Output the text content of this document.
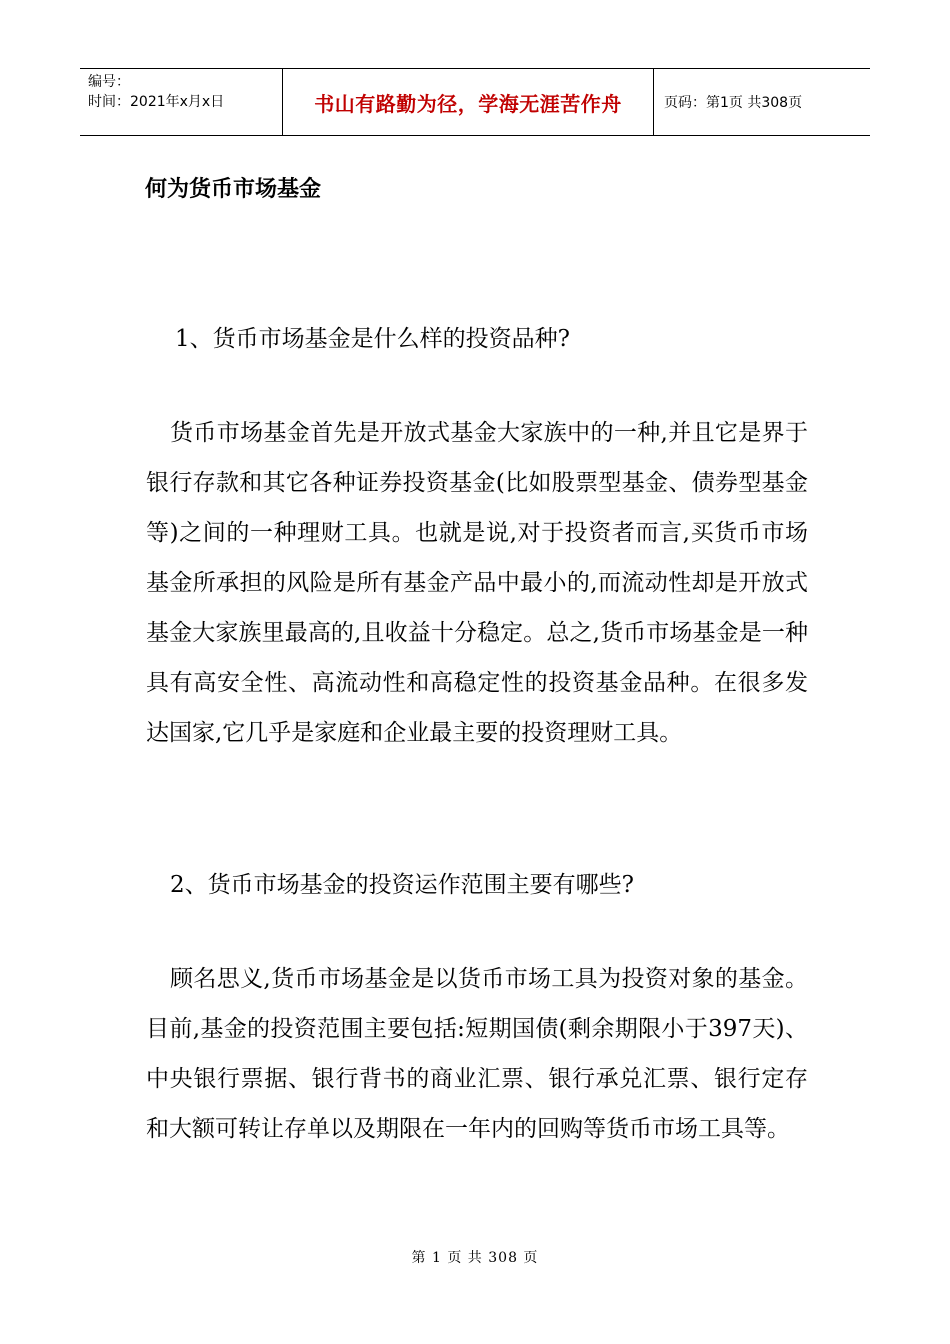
编号：
时间：2021年x月x日	书山有路勤为径，学海无涯苦作舟	页码：第1页 共308页
何为货币市场基金
1、货币市场基金是什么样的投资品种?

货币市场基金首先是开放式基金大家族中的一种,并且它是界于银行存款和其它各种证券投资基金(比如股票型基金、债券型基金等)之间的一种理财工具。也就是说,对于投资者而言,买货币市场基金所承担的风险是所有基金产品中最小的,而流动性却是开放式基金大家族里最高的,且收益十分稳定。总之,货币市场基金是一种具有高安全性、高流动性和高稳定性的投资基金品种。在很多发达国家,它几乎是家庭和企业最主要的投资理财工具。

2、货币市场基金的投资运作范围主要有哪些?

顾名思义,货币市场基金是以货币市场工具为投资对象的基金。目前,基金的投资范围主要包括:短期国债(剩余期限小于397天)、中央银行票据、银行背书的商业汇票、银行承兑汇票、银行定存和大额可转让存单以及期限在一年内的回购等货币市场工具等。

第 1 页 共 308 页
